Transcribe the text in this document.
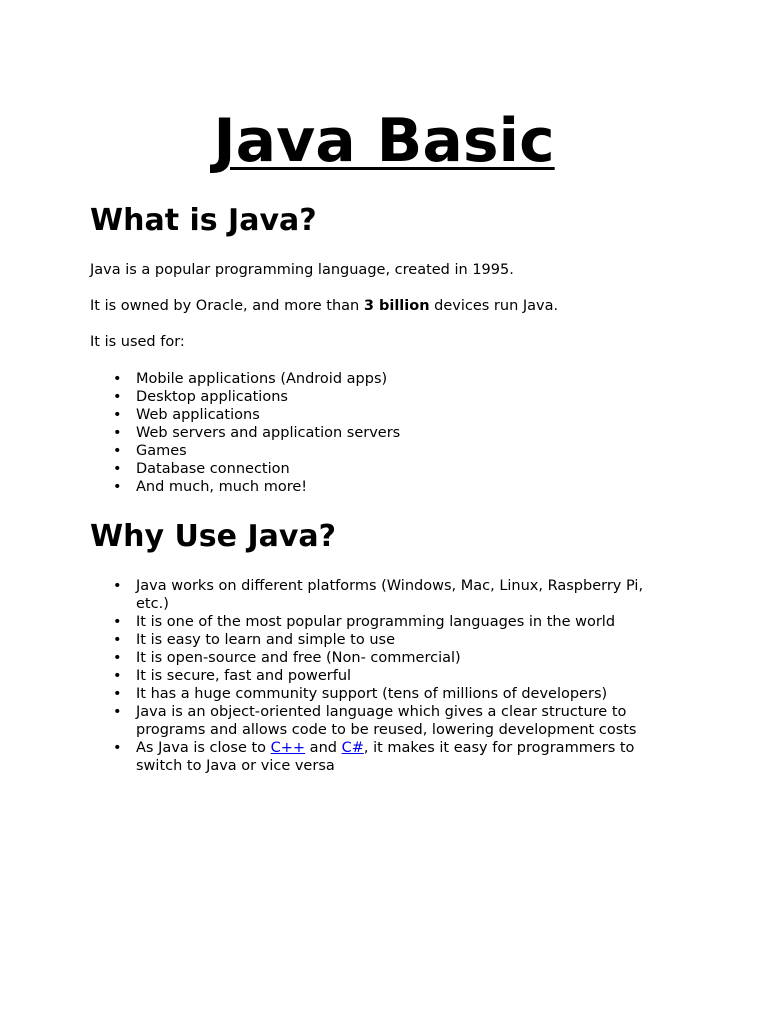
Java Basic
What is Java?

Java is a popular programming language, created in 1995.

It is owned by Oracle, and more than 3 billion devices run Java.

It is used for:

• Mobile applications (Android apps)
• Desktop applications
• Web applications
• Web servers and application servers
• Games
• Database connection
• And much, much more!
Why Use Java?
• Java works on different platforms (Windows, Mac, Linux, Raspberry Pi, etc.)
• It is one of the most popular programming languages in the world
• It is easy to learn and simple to use
• It is open-source and free (Non- commercial)
• It is secure, fast and powerful
• It has a huge community support (tens of millions of developers)
• Java is an object-oriented language which gives a clear structure to programs and allows code to be reused, lowering development costs
• As Java is close to C++ and C#, it makes it easy for programmers to switch to Java or vice versa
